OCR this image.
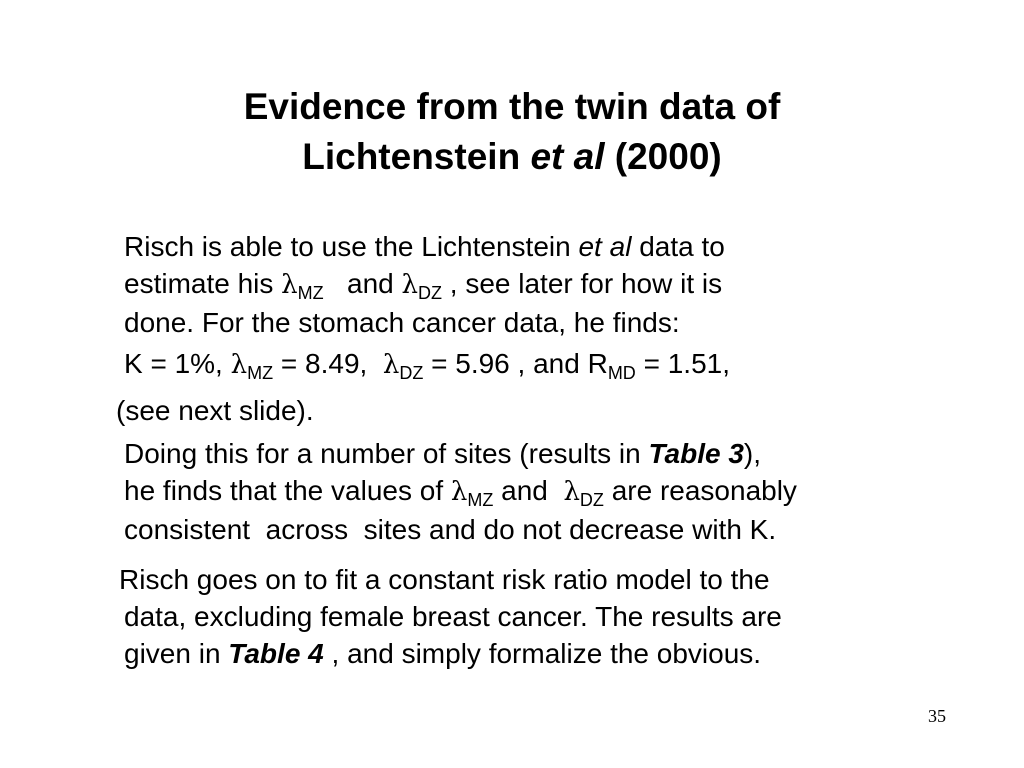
Evidence from the twin data of
Lichtenstein et al (2000)
Risch is able to use the Lichtenstein et al data to
estimate his $\lambda_{MZ}$   and $\lambda_{DZ}$ , see later for how it is
done. For the stomach cancer data, he finds:
K = 1%, $\lambda_{MZ} = 8.49$,  $\lambda_{DZ} = 5.96$ , and $R_{MD} = 1.51$,
(see next slide).
Doing this for a number of sites (results in Table 3),
he finds that the values of $\lambda_{MZ}$ and  $\lambda_{DZ}$ are reasonably
consistent  across  sites and do not decrease with K.
Risch goes on to fit a constant risk ratio model to the
data, excluding female breast cancer. The results are
given in Table 4 , and simply formalize the obvious.
35
